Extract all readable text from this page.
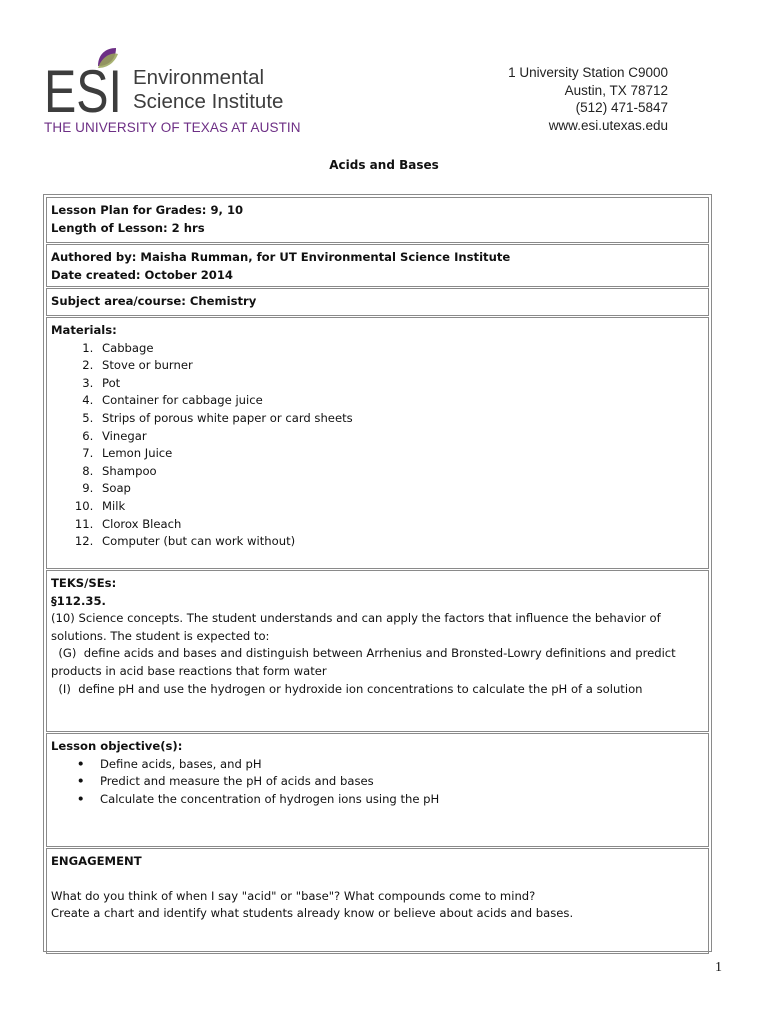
ESI Environmental
Science Institute
THE UNIVERSITY OF TEXAS AT AUSTIN
1 University Station C9000
Austin, TX 78712
(512) 471-5847
www.esi.utexas.edu
Acids and Bases
Lesson Plan for Grades: 9, 10
Length of Lesson: 2 hrs
Authored by: Maisha Rumman, for UT Environmental Science Institute
Date created: October 2014
Subject area/course: Chemistry
Materials:
1. Cabbage
2. Stove or burner
3. Pot
4. Container for cabbage juice
5. Strips of porous white paper or card sheets
6. Vinegar
7. Lemon Juice
8. Shampoo
9. Soap
10. Milk
11. Clorox Bleach
12. Computer (but can work without)
TEKS/SEs:
§112.35.
(10) Science concepts. The student understands and can apply the factors that influence the behavior of solutions. The student is expected to:
(G)  define acids and bases and distinguish between Arrhenius and Bronsted-Lowry definitions and predict products in acid base reactions that form water
(I)  define pH and use the hydrogen or hydroxide ion concentrations to calculate the pH of a solution
Lesson objective(s):
• Define acids, bases, and pH
• Predict and measure the pH of acids and bases
• Calculate the concentration of hydrogen ions using the pH
ENGAGEMENT
What do you think of when I say "acid" or "base"? What compounds come to mind?
Create a chart and identify what students already know or believe about acids and bases.
1
